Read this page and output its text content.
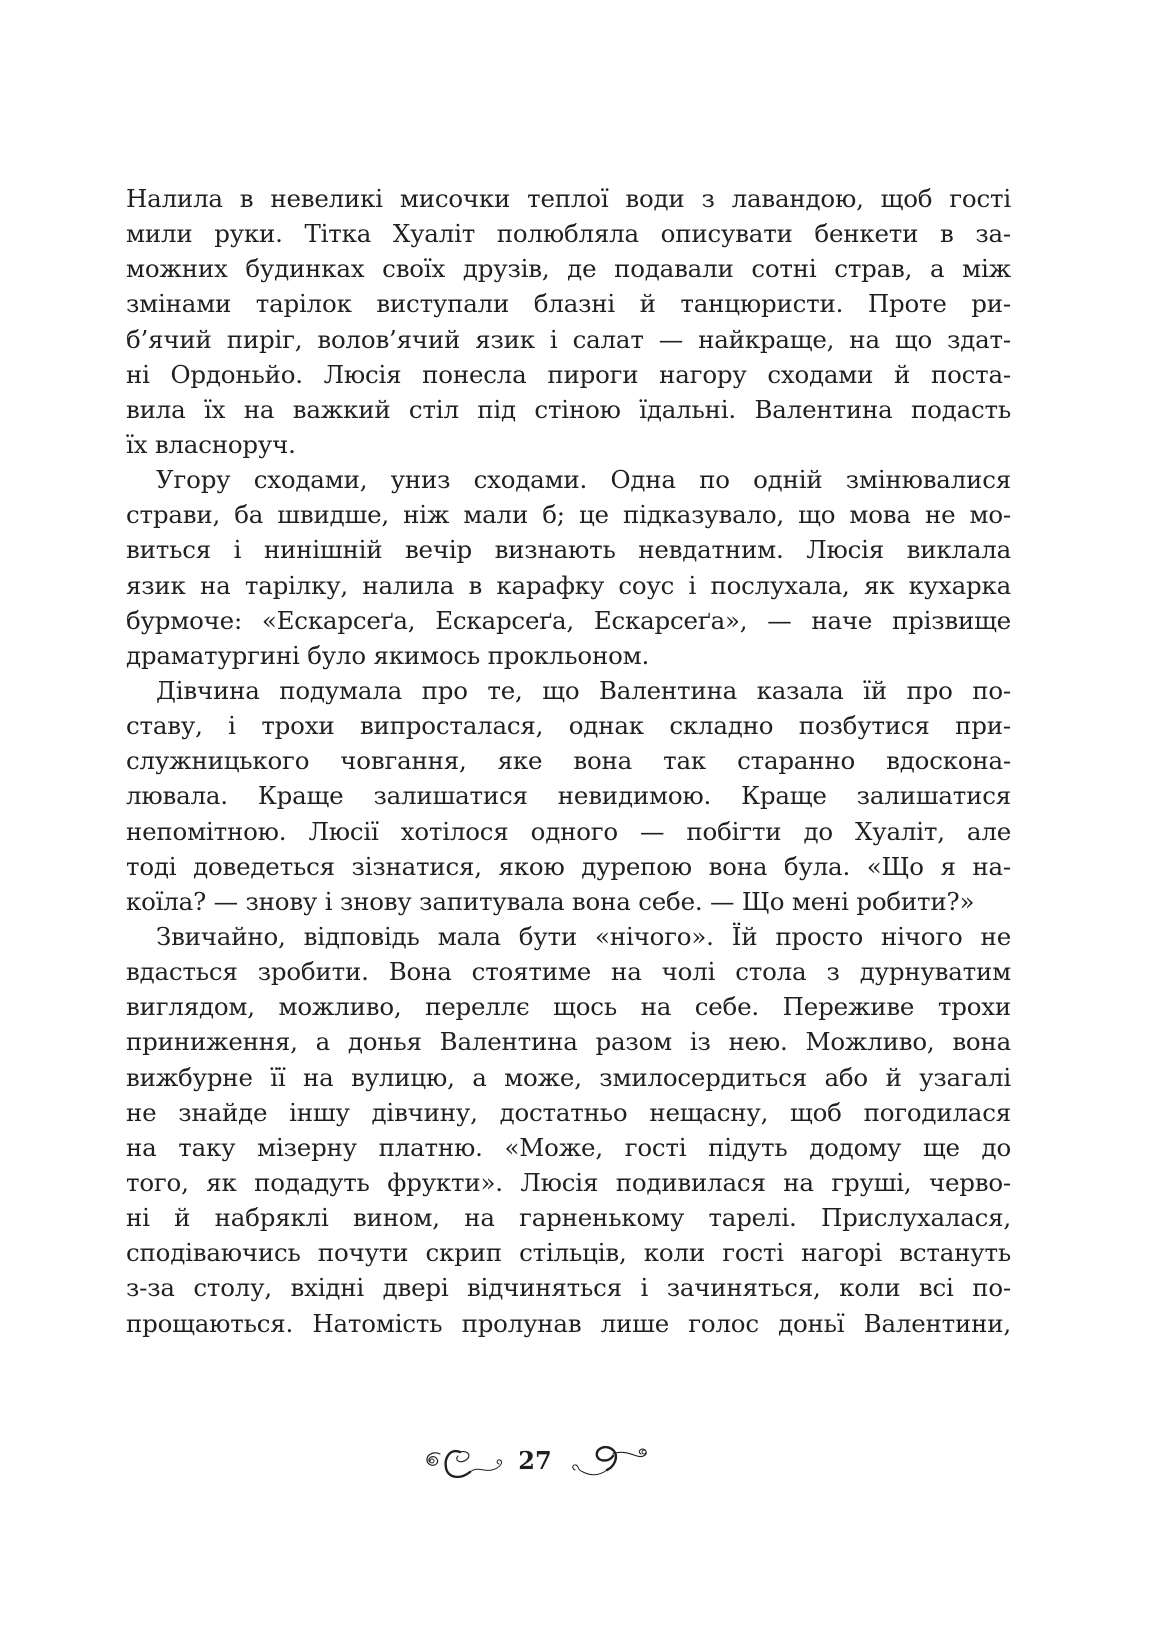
Налила в невеликі мисочки теплої води з лавандою, щоб гості
мили руки. Тітка Хуаліт полюбляла описувати бенкети в за-
можних будинках своїх друзів, де подавали сотні страв, а між
змінами тарілок виступали блазні й танцюристи. Проте ри-
б’ячий пиріг, волов’ячий язик і салат — найкраще, на що здат-
ні Ордоньйо. Люсія понесла пироги нагору сходами й поста-
вила їх на важкий стіл під стіною їдальні. Валентина подасть
їх власноруч.
Угору сходами, униз сходами. Одна по одній змінювалися
страви, ба швидше, ніж мали б; це підказувало, що мова не мо-
виться і нинішній вечір визнають невдатним. Люсія виклала
язик на тарілку, налила в карафку соус і послухала, як кухарка
бурмоче: «Ескарсеґа, Ескарсеґа, Ескарсеґа», — наче прізвище
драматургині було якимось прокльоном.
Дівчина подумала про те, що Валентина казала їй про по-
ставу, і трохи випросталася, однак складно позбутися при-
служницького човгання, яке вона так старанно вдоскона-
лювала. Краще залишатися невидимою. Краще залишатися
непомітною. Люсії хотілося одного — побігти до Хуаліт, але
тоді доведеться зізнатися, якою дурепою вона була. «Що я на-
коїла? — знову і знову запитувала вона себе. — Що мені робити?»
Звичайно, відповідь мала бути «нічого». Їй просто нічого не
вдасться зробити. Вона стоятиме на чолі стола з дурнуватим
виглядом, можливо, переллє щось на себе. Переживе трохи
приниження, а донья Валентина разом із нею. Можливо, вона
вижбурне її на вулицю, а може, змилосердиться або й узагалі
не знайде іншу дівчину, достатньо нещасну, щоб погодилася
на таку мізерну платню. «Може, гості підуть додому ще до
того, як подадуть фрукти». Люсія подивилася на груші, черво-
ні й набряклі вином, на гарненькому тарелі. Прислухалася,
сподіваючись почути скрип стільців, коли гості нагорі встануть
з-за столу, вхідні двері відчиняться і зачиняться, коли всі по-
прощаються. Натомість пролунав лише голос доньї Валентини,
27
